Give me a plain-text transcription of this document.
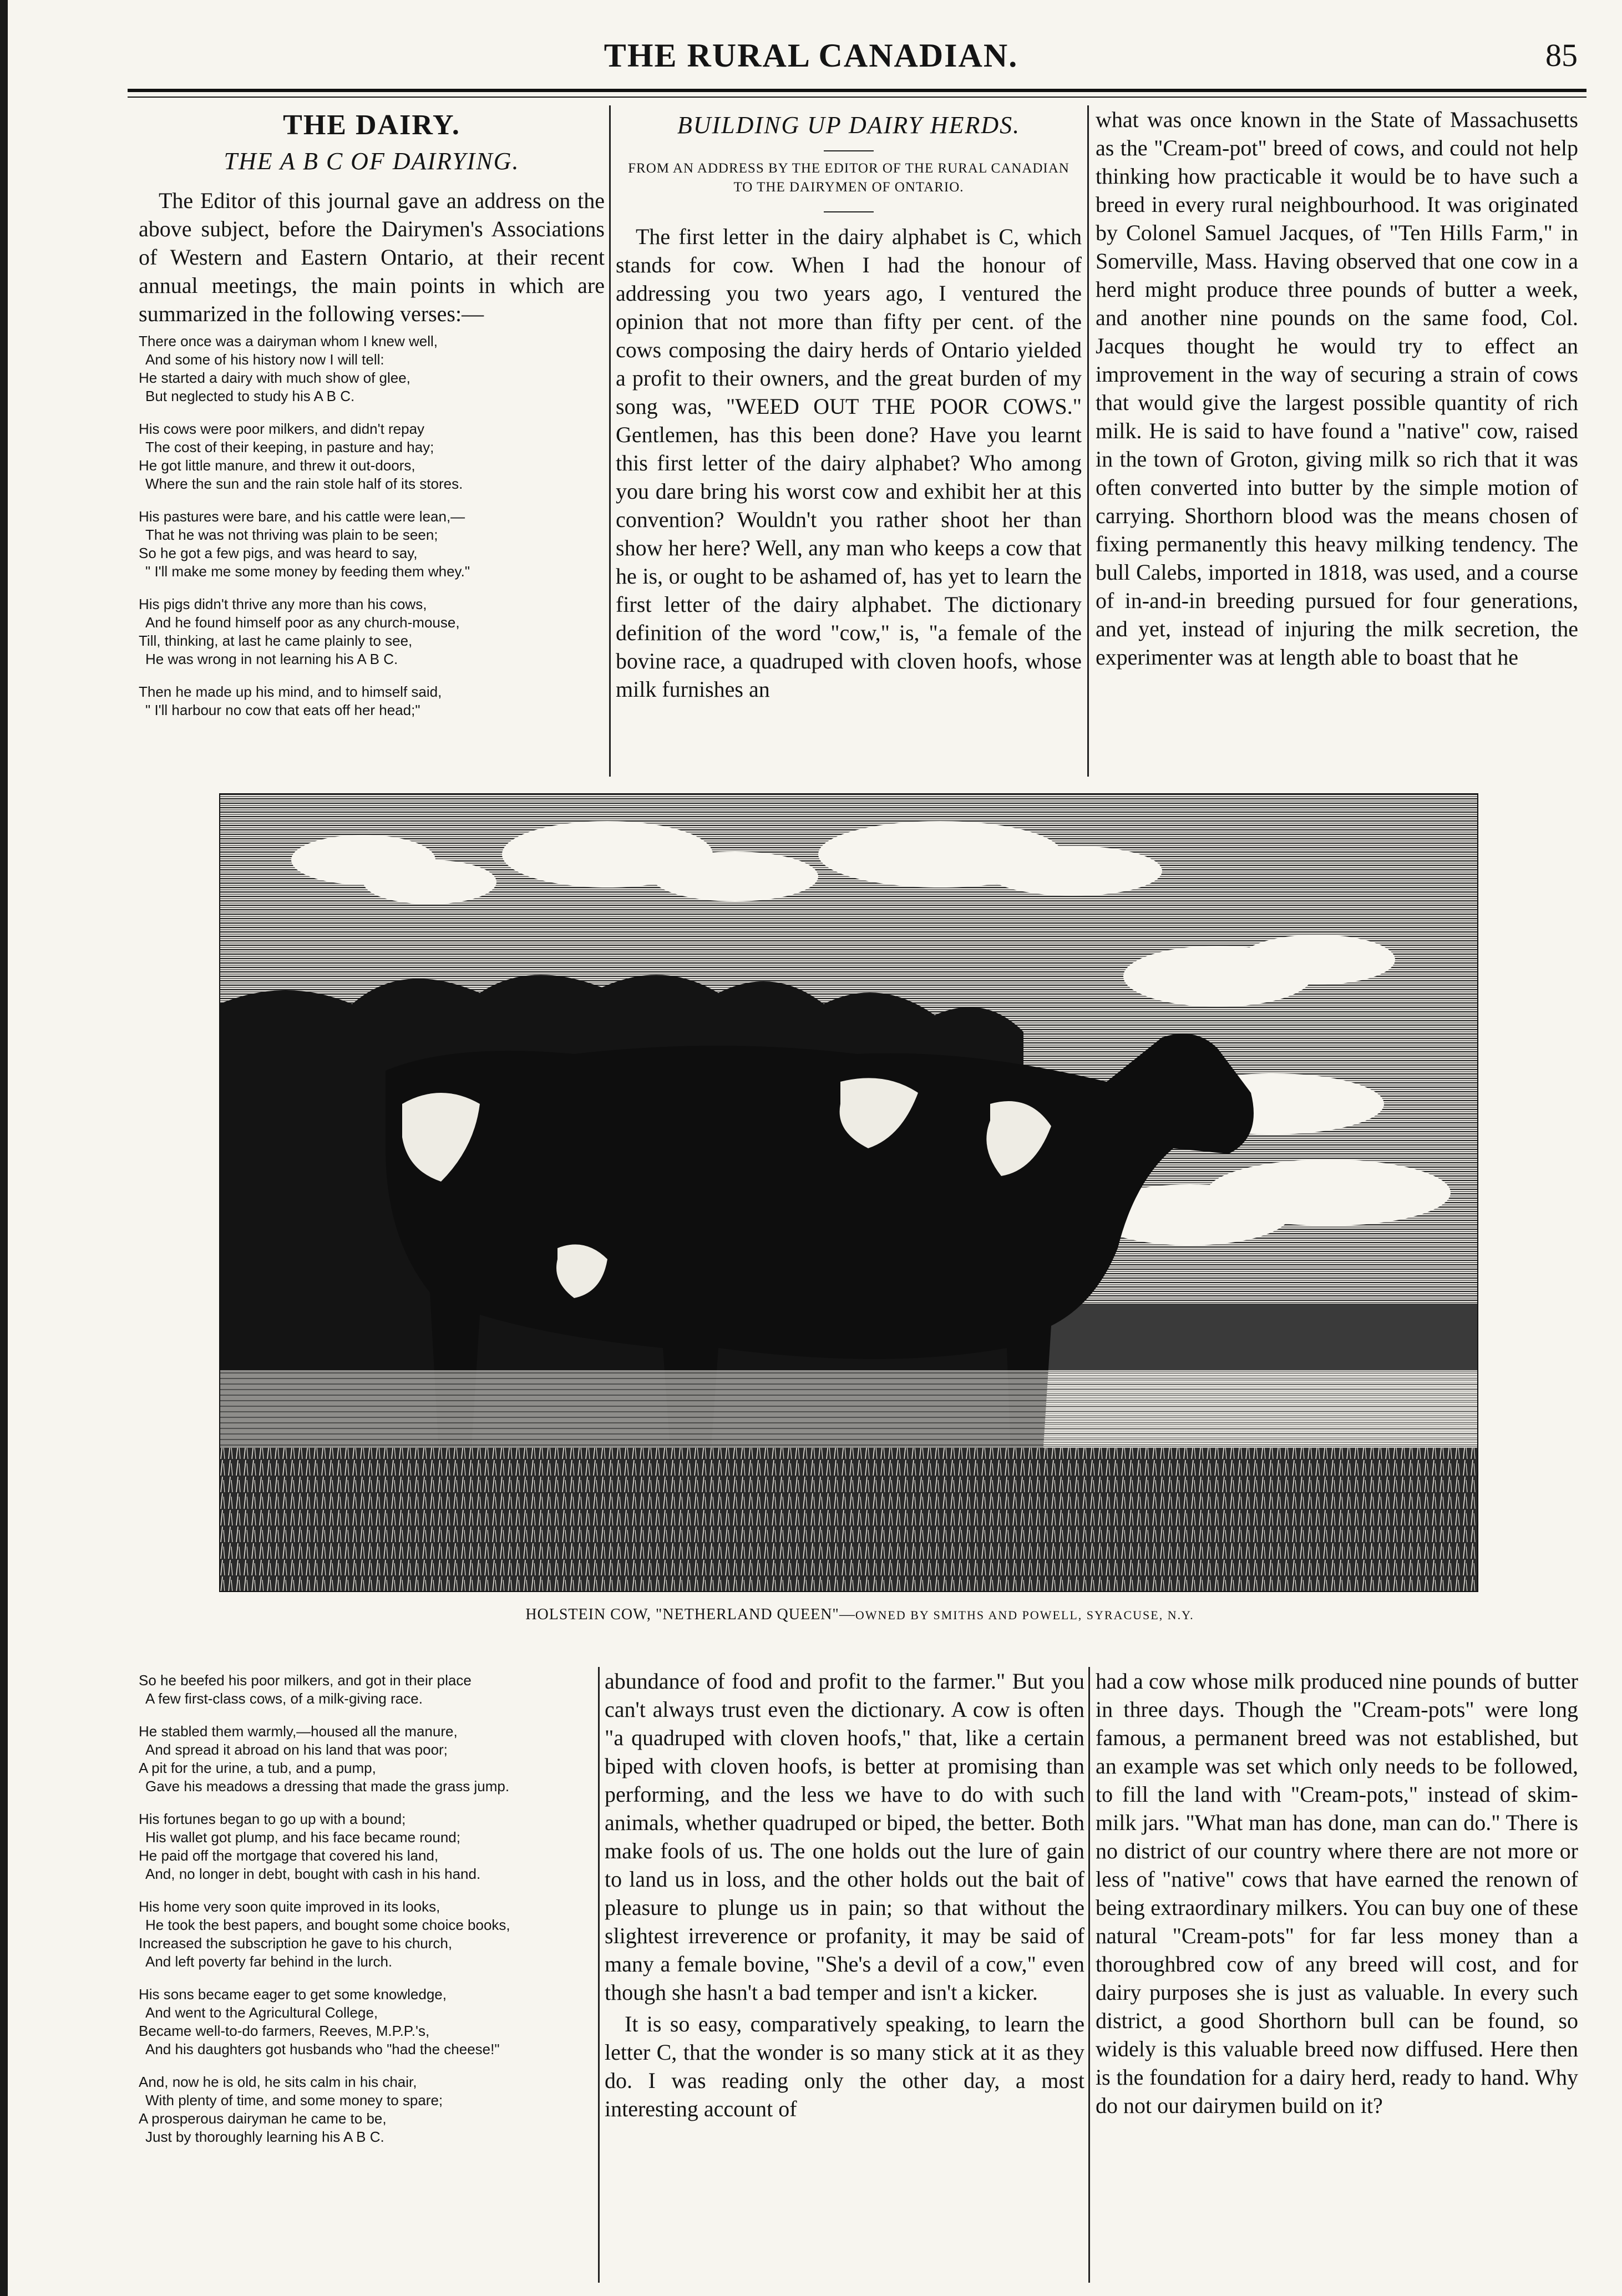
THE RURAL CANADIAN.	85
THE DAIRY.
THE A B C OF DAIRYING.

The Editor of this journal gave an address on the above subject, before the Dairymen's Associations of Western and Eastern Ontario, at their recent annual meetings, the main points in which are summarized in the following verses:—

There once was a dairyman whom I knew well,
And some of his history now I will tell:
He started a dairy with much show of glee,
But neglected to study his A B C.
His cows were poor milkers, and didn't repay
The cost of their keeping, in pasture and hay;
He got little manure, and threw it out-doors,
Where the sun and the rain stole half of its stores.
His pastures were bare, and his cattle were lean,—
That he was not thriving was plain to be seen;
So he got a few pigs, and was heard to say,
" I'll make me some money by feeding them whey."
His pigs didn't thrive any more than his cows,
And he found himself poor as any church-mouse,
Till, thinking, at last he came plainly to see,
He was wrong in not learning his A B C.
Then he made up his mind, and to himself said,
" I'll harbour no cow that eats off her head;"
BUILDING UP DAIRY HERDS.
FROM AN ADDRESS BY THE EDITOR OF THE RURAL CANADIAN TO THE DAIRYMEN OF ONTARIO.

The first letter in the dairy alphabet is C, which stands for cow. When I had the honour of addressing you two years ago, I ventured the opinion that not more than fifty per cent. of the cows composing the dairy herds of Ontario yielded a profit to their owners, and the great burden of my song was, "WEED OUT THE POOR COWS." Gentlemen, has this been done? Have you learnt this first letter of the dairy alphabet? Who among you dare bring his worst cow and exhibit her at this convention? Wouldn't you rather shoot her than show her here? Well, any man who keeps a cow that he is, or ought to be ashamed of, has yet to learn the first letter of the dairy alphabet. The dictionary definition of the word "cow," is, "a female of the bovine race, a quadruped with cloven hoofs, whose milk furnishes an

what was once known in the State of Massachusetts as the "Cream-pot" breed of cows, and could not help thinking how practicable it would be to have such a breed in every rural neighbourhood. It was originated by Colonel Samuel Jacques, of "Ten Hills Farm," in Somerville, Mass. Having observed that one cow in a herd might produce three pounds of butter a week, and another nine pounds on the same food, Col. Jacques thought he would try to effect an improvement in the way of securing a strain of cows that would give the largest possible quantity of rich milk. He is said to have found a "native" cow, raised in the town of Groton, giving milk so rich that it was often converted into butter by the simple motion of carrying. Shorthorn blood was the means chosen of fixing permanently this heavy milking tendency. The bull Calebs, imported in 1818, was used, and a course of in-and-in breeding pursued for four generations, and yet, instead of injuring the milk secretion, the experimenter was at length able to boast that he

HOLSTEIN COW, "NETHERLAND QUEEN"—OWNED BY SMITHS AND POWELL, SYRACUSE, N.Y.
So he beefed his poor milkers, and got in their place
A few first-class cows, of a milk-giving race.
He stabled them warmly,—housed all the manure,
And spread it abroad on his land that was poor;
A pit for the urine, a tub, and a pump,
Gave his meadows a dressing that made the grass jump.
His fortunes began to go up with a bound;
His wallet got plump, and his face became round;
He paid off the mortgage that covered his land,
And, no longer in debt, bought with cash in his hand.
His home very soon quite improved in its looks,
He took the best papers, and bought some choice books,
Increased the subscription he gave to his church,
And left poverty far behind in the lurch.
His sons became eager to get some knowledge,
And went to the Agricultural College,
Became well-to-do farmers, Reeves, M.P.P.'s,
And his daughters got husbands who "had the cheese!"
And, now he is old, he sits calm in his chair,
With plenty of time, and some money to spare;
A prosperous dairyman he came to be,
Just by thoroughly learning his A B C.

abundance of food and profit to the farmer." But you can't always trust even the dictionary. A cow is often "a quadruped with cloven hoofs," that, like a certain biped with cloven hoofs, is better at promising than performing, and the less we have to do with such animals, whether quadruped or biped, the better. Both make fools of us. The one holds out the lure of gain to land us in loss, and the other holds out the bait of pleasure to plunge us in pain; so that without the slightest irreverence or profanity, it may be said of many a female bovine, "She's a devil of a cow," even though she hasn't a bad temper and isn't a kicker.

It is so easy, comparatively speaking, to learn the letter C, that the wonder is so many stick at it as they do. I was reading only the other day, a most interesting account of

had a cow whose milk produced nine pounds of butter in three days. Though the "Cream-pots" were long famous, a permanent breed was not established, but an example was set which only needs to be followed, to fill the land with "Cream-pots," instead of skim-milk jars. "What man has done, man can do." There is no district of our country where there are not more or less of "native" cows that have earned the renown of being extraordinary milkers. You can buy one of these natural "Cream-pots" for far less money than a thoroughbred cow of any breed will cost, and for dairy purposes she is just as valuable. In every such district, a good Shorthorn bull can be found, so widely is this valuable breed now diffused. Here then is the foundation for a dairy herd, ready to hand. Why do not our dairymen build on it?
